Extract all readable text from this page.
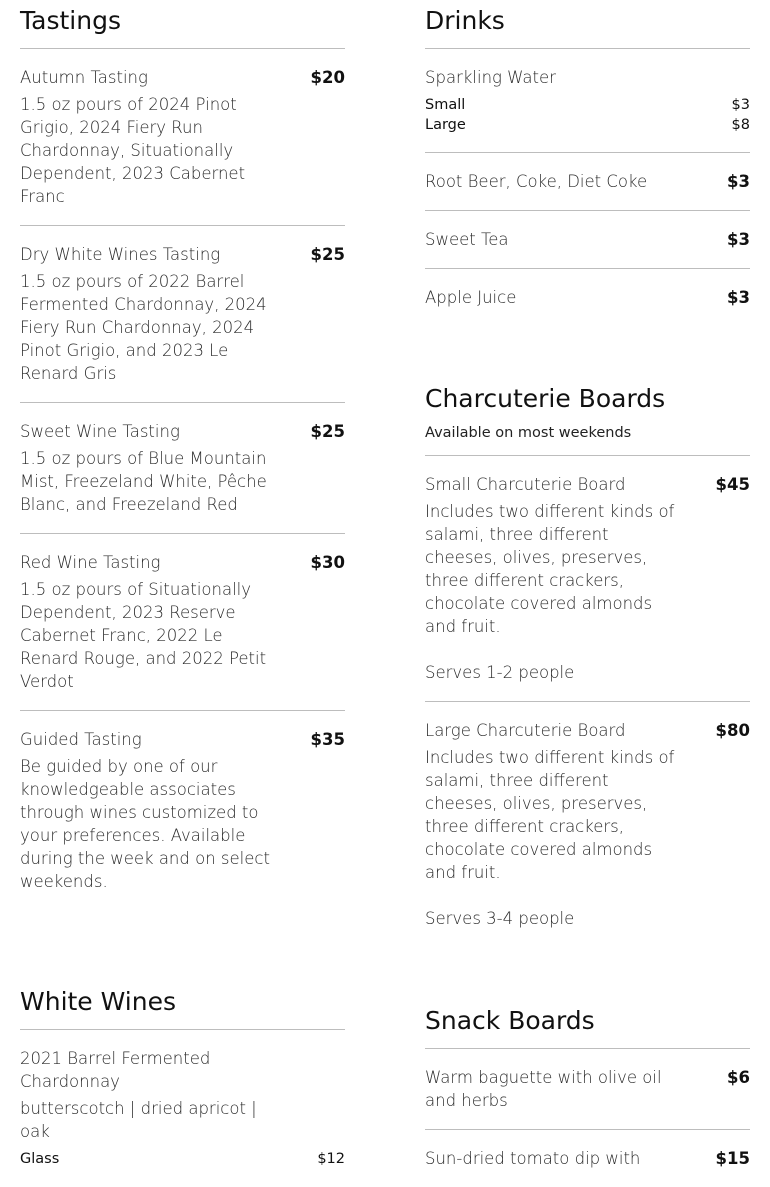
Tastings
Autumn Tasting	$20
1.5 oz pours of 2024 Pinot Grigio, 2024 Fiery Run Chardonnay, Situationally Dependent, 2023 Cabernet Franc
Dry White Wines Tasting	$25
1.5 oz pours of 2022 Barrel Fermented Chardonnay, 2024 Fiery Run Chardonnay, 2024 Pinot Grigio, and 2023 Le Renard Gris
Sweet Wine Tasting	$25
1.5 oz pours of Blue Mountain Mist, Freezeland White, Pêche Blanc, and Freezeland Red
Red Wine Tasting	$30
1.5 oz pours of Situationally Dependent, 2023 Reserve Cabernet Franc, 2022 Le Renard Rouge, and 2022 Petit Verdot
Guided Tasting	$35
Be guided by one of our knowledgeable associates through wines customized to your preferences. Available during the week and on select weekends.
White Wines
2021 Barrel Fermented Chardonnay
butterscotch | dried apricot | oak
Glass	$12
Drinks
Sparkling Water
Small	$3
Large	$8
Root Beer, Coke, Diet Coke	$3
Sweet Tea	$3
Apple Juice	$3
Charcuterie Boards
Available on most weekends
Small Charcuterie Board	$45
Includes two different kinds of salami, three different cheeses, olives, preserves, three different crackers, chocolate covered almonds and fruit.

Serves 1-2 people
Large Charcuterie Board	$80
Includes two different kinds of salami, three different cheeses, olives, preserves, three different crackers, chocolate covered almonds and fruit.

Serves 3-4 people
Snack Boards
Warm baguette with olive oil and herbs
$6
Sun-dried tomato dip with	$15
